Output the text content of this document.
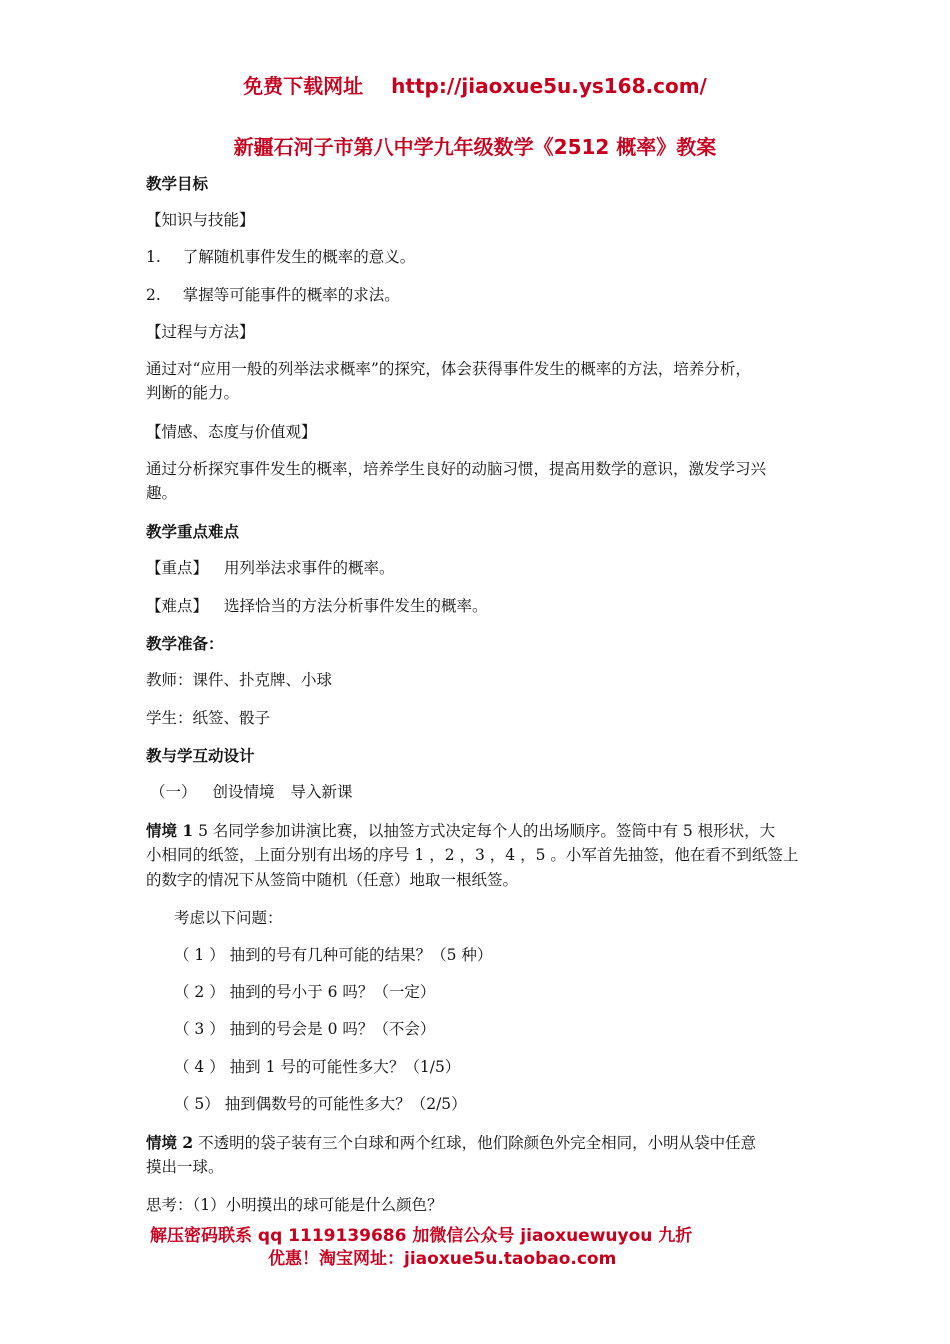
免费下载网址 http://jiaoxue5u.ys168.com/
新疆石河子市第八中学九年级数学《2512 概率》教案
教学目标
【知识与技能】
1. 了解随机事件发生的概率的意义。
2. 掌握等可能事件的概率的求法。
【过程与方法】
通过对“应用一般的列举法求概率”的探究，体会获得事件发生的概率的方法，培养分析，
判断的能力。
【情感、态度与价值观】
通过分析探究事件发生的概率，培养学生良好的动脑习惯，提高用数学的意识，激发学习兴
趣。
教学重点难点
【重点】 用列举法求事件的概率。
【难点】 选择恰当的方法分析事件发生的概率。
教学准备：
教师：课件、扑克牌、小球
学生：纸签、骰子
教与学互动设计
（一） 创设情境 导入新课
情境 1 5 名同学参加讲演比赛，以抽签方式决定每个人的出场顺序。签筒中有 5 根形状，大
小相同的纸签，上面分别有出场的序号 1 ，2 ，3 ，4 ，5 。小军首先抽签，他在看不到纸签上
的数字的情况下从签筒中随机（任意）地取一根纸签。
考虑以下问题：
（ 1 ） 抽到的号有几种可能的结果？（5 种）
（ 2 ） 抽到的号小于 6 吗？（一定）
（ 3 ） 抽到的号会是 0 吗？（不会）
（ 4 ） 抽到 1 号的可能性多大？（1/5）
（ 5） 抽到偶数号的可能性多大？（2/5）
情境 2 不透明的袋子装有三个白球和两个红球，他们除颜色外完全相同，小明从袋中任意
摸出一球。
思考：（1）小明摸出的球可能是什么颜色？
解压密码联系 qq 1119139686 加微信公众号 jiaoxuewuyou 九折
优惠！淘宝网址：jiaoxue5u.taobao.com
